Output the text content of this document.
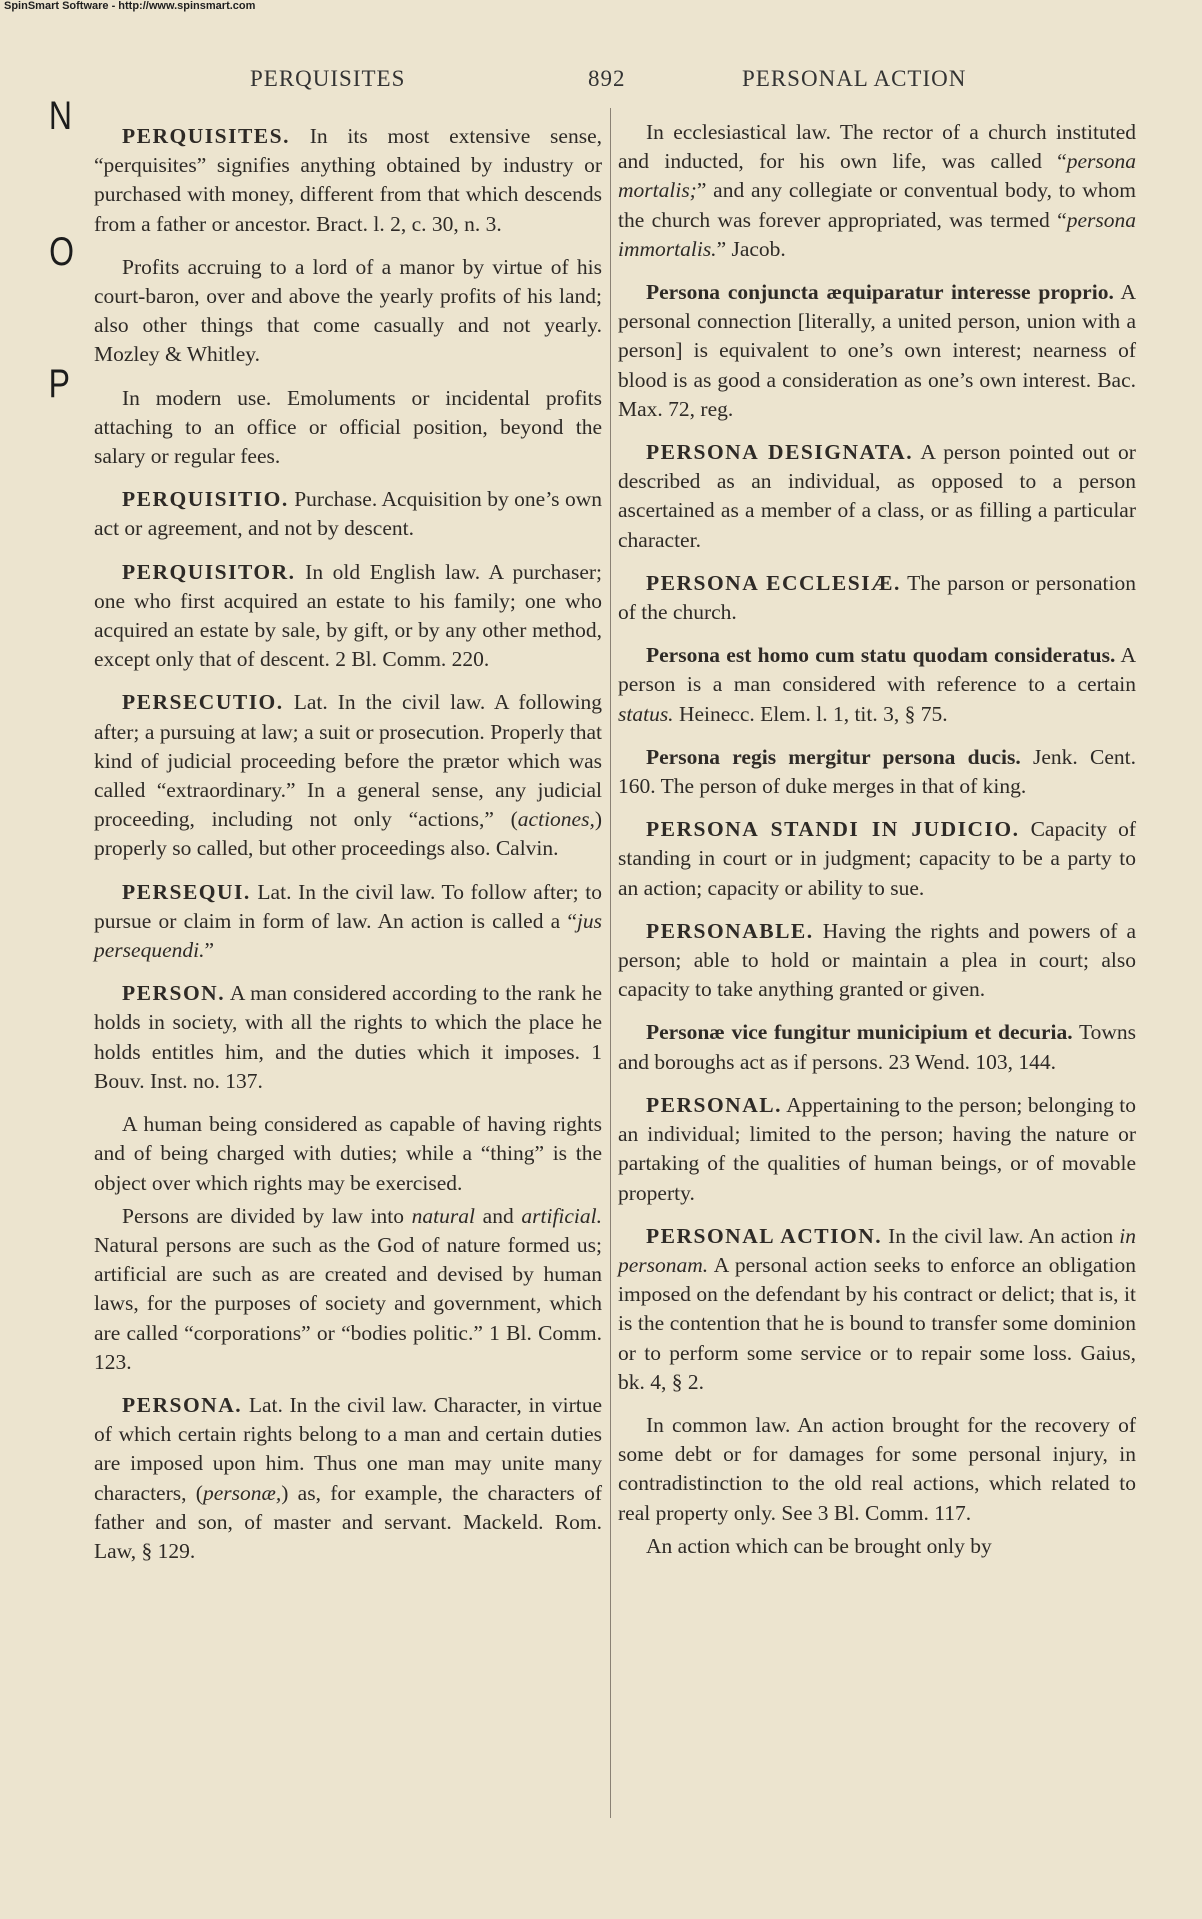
SpinSmart Software - http://www.spinsmart.com
PERQUISITES	892	PERSONAL ACTION
N
O
P
PERQUISITES. In its most extensive sense, “perquisites” signifies anything obtained by industry or purchased with money, different from that which descends from a father or ancestor. Bract. l. 2, c. 30, n. 3.
Profits accruing to a lord of a manor by virtue of his court-baron, over and above the yearly profits of his land; also other things that come casually and not yearly. Mozley & Whitley.
In modern use. Emoluments or incidental profits attaching to an office or official position, beyond the salary or regular fees.
PERQUISITIO. Purchase. Acquisition by one’s own act or agreement, and not by descent.
PERQUISITOR. In old English law. A purchaser; one who first acquired an estate to his family; one who acquired an estate by sale, by gift, or by any other method, except only that of descent. 2 Bl. Comm. 220.
PERSECUTIO. Lat. In the civil law. A following after; a pursuing at law; a suit or prosecution. Properly that kind of judicial proceeding before the prætor which was called “extraordinary.” In a general sense, any judicial proceeding, including not only “actions,” (actiones,) properly so called, but other proceedings also. Calvin.
PERSEQUI. Lat. In the civil law. To follow after; to pursue or claim in form of law. An action is called a “jus persequendi.”
PERSON. A man considered according to the rank he holds in society, with all the rights to which the place he holds entitles him, and the duties which it imposes. 1 Bouv. Inst. no. 137.
A human being considered as capable of having rights and of being charged with duties; while a “thing” is the object over which rights may be exercised.
Persons are divided by law into natural and artificial. Natural persons are such as the God of nature formed us; artificial are such as are created and devised by human laws, for the purposes of society and government, which are called “corporations” or “bodies politic.” 1 Bl. Comm. 123.
PERSONA. Lat. In the civil law. Character, in virtue of which certain rights belong to a man and certain duties are imposed upon him. Thus one man may unite many characters, (personæ,) as, for example, the characters of father and son, of master and servant. Mackeld. Rom. Law, § 129.
In ecclesiastical law. The rector of a church instituted and inducted, for his own life, was called “persona mortalis;” and any collegiate or conventual body, to whom the church was forever appropriated, was termed “persona immortalis.” Jacob.
Persona conjuncta æquiparatur interesse proprio. A personal connection [literally, a united person, union with a person] is equivalent to one’s own interest; nearness of blood is as good a consideration as one’s own interest. Bac. Max. 72, reg.
PERSONA DESIGNATA. A person pointed out or described as an individual, as opposed to a person ascertained as a member of a class, or as filling a particular character.
PERSONA ECCLESIÆ. The parson or personation of the church.
Persona est homo cum statu quodam consideratus. A person is a man considered with reference to a certain status. Heinecc. Elem. l. 1, tit. 3, § 75.
Persona regis mergitur persona ducis. Jenk. Cent. 160. The person of duke merges in that of king.
PERSONA STANDI IN JUDICIO. Capacity of standing in court or in judgment; capacity to be a party to an action; capacity or ability to sue.
PERSONABLE. Having the rights and powers of a person; able to hold or maintain a plea in court; also capacity to take anything granted or given.
Personæ vice fungitur municipium et decuria. Towns and boroughs act as if persons. 23 Wend. 103, 144.
PERSONAL. Appertaining to the person; belonging to an individual; limited to the person; having the nature or partaking of the qualities of human beings, or of movable property.
PERSONAL ACTION. In the civil law. An action in personam. A personal action seeks to enforce an obligation imposed on the defendant by his contract or delict; that is, it is the contention that he is bound to transfer some dominion or to perform some service or to repair some loss. Gaius, bk. 4, § 2.
In common law. An action brought for the recovery of some debt or for damages for some personal injury, in contradistinction to the old real actions, which related to real property only. See 3 Bl. Comm. 117.
An action which can be brought only by
